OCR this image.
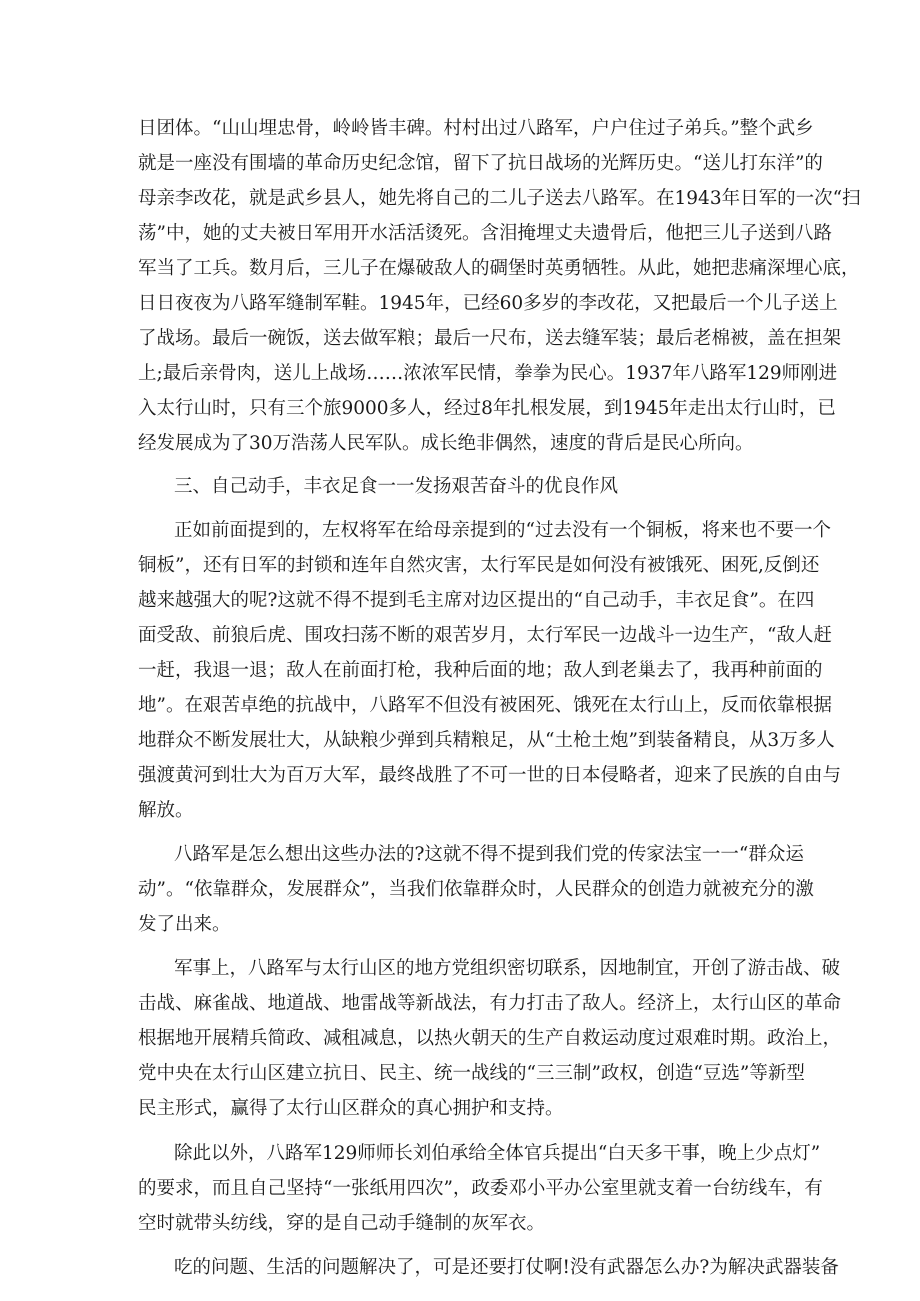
日团体。“山山埋忠骨，岭岭皆丰碑。村村出过八路军，户户住过子弟兵。”整个武乡
就是一座没有围墙的革命历史纪念馆，留下了抗日战场的光辉历史。“送儿打东洋”的
母亲李改花，就是武乡县人，她先将自己的二儿子送去八路军。在1943年日军的一次“扫
荡”中，她的丈夫被日军用开水活活烫死。含泪掩埋丈夫遗骨后，他把三儿子送到八路
军当了工兵。数月后，三儿子在爆破敌人的碉堡时英勇牺牲。从此，她把悲痛深埋心底，
日日夜夜为八路军缝制军鞋。1945年，已经60多岁的李改花，又把最后一个儿子送上
了战场。最后一碗饭，送去做军粮；最后一尺布，送去缝军装；最后老棉被，盖在担架
上;最后亲骨肉，送儿上战场……浓浓军民情，拳拳为民心。1937年八路军129师刚进
入太行山时，只有三个旅9000多人，经过8年扎根发展，到1945年走出太行山时，已
经发展成为了30万浩荡人民军队。成长绝非偶然，速度的背后是民心所向。
三、自己动手，丰衣足食一一发扬艰苦奋斗的优良作风
正如前面提到的，左权将军在给母亲提到的“过去没有一个铜板，将来也不要一个
铜板”，还有日军的封锁和连年自然灾害，太行军民是如何没有被饿死、困死,反倒还
越来越强大的呢?这就不得不提到毛主席对边区提出的“自己动手，丰衣足食”。在四
面受敌、前狼后虎、围攻扫荡不断的艰苦岁月，太行军民一边战斗一边生产，“敌人赶
一赶，我退一退；敌人在前面打枪，我种后面的地；敌人到老巢去了，我再种前面的
地”。在艰苦卓绝的抗战中，八路军不但没有被困死、饿死在太行山上，反而依靠根据
地群众不断发展壮大，从缺粮少弹到兵精粮足，从“土枪土炮”到装备精良，从3万多人
强渡黄河到壮大为百万大军，最终战胜了不可一世的日本侵略者，迎来了民族的自由与
解放。
八路军是怎么想出这些办法的?这就不得不提到我们党的传家法宝一一“群众运
动”。“依靠群众，发展群众”，当我们依靠群众时，人民群众的创造力就被充分的激
发了出来。
军事上，八路军与太行山区的地方党组织密切联系，因地制宜，开创了游击战、破
击战、麻雀战、地道战、地雷战等新战法，有力打击了敌人。经济上，太行山区的革命
根据地开展精兵简政、减租减息，以热火朝天的生产自救运动度过艰难时期。政治上，
党中央在太行山区建立抗日、民主、统一战线的“三三制”政权，创造“豆选”等新型
民主形式，赢得了太行山区群众的真心拥护和支持。
除此以外，八路军129师师长刘伯承给全体官兵提出“白天多干事，晚上少点灯”
的要求，而且自己坚持“一张纸用四次”，政委邓小平办公室里就支着一台纺线车，有
空时就带头纺线，穿的是自己动手缝制的灰军衣。
吃的问题、生活的问题解决了，可是还要打仗啊!没有武器怎么办?为解决武器装备
